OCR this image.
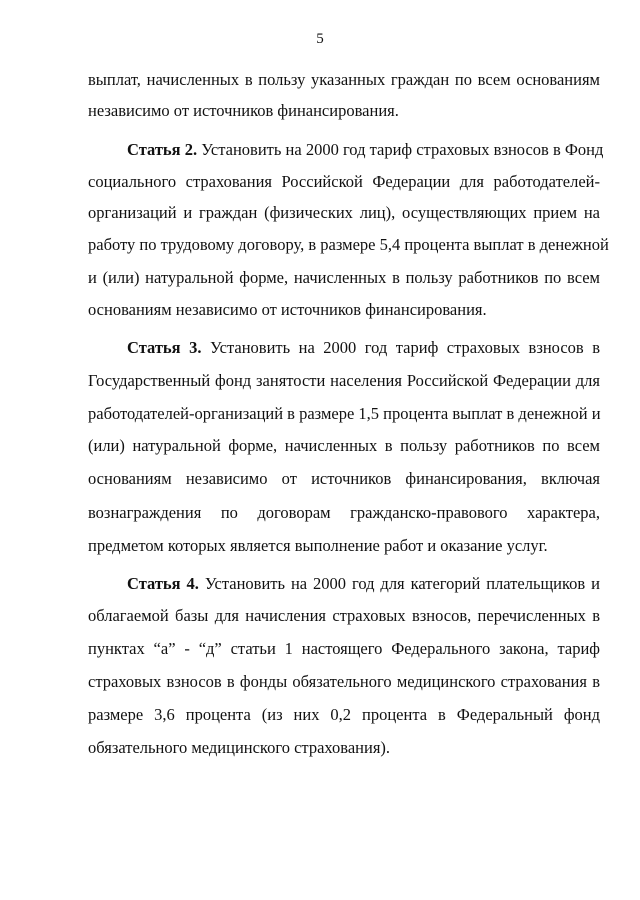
5
выплат, начисленных в пользу указанных граждан по всем основаниям
независимо от источников финансирования.
Статья 2. Установить на 2000 год тариф страховых взносов в Фонд
социального страхования Российской Федерации для работодателей-
организаций и граждан (физических лиц), осуществляющих прием на
работу по трудовому договору, в размере 5,4 процента выплат в денежной
и (или) натуральной форме, начисленных в пользу работников по всем
основаниям независимо от источников финансирования.
Статья 3. Установить на 2000 год тариф страховых взносов в
Государственный фонд занятости населения Российской Федерации для
работодателей-организаций в размере 1,5 процента выплат в денежной и
(или) натуральной форме, начисленных в пользу работников по всем
основаниям независимо от источников финансирования, включая
вознаграждения по договорам гражданско-правового характера,
предметом которых является выполнение работ и оказание услуг.
Статья 4. Установить на 2000 год для категорий плательщиков и
облагаемой базы для начисления страховых взносов, перечисленных в
пунктах “а” - “д” статьи 1 настоящего Федерального закона, тариф
страховых взносов в фонды обязательного медицинского страхования в
размере 3,6 процента (из них 0,2 процента в Федеральный фонд
обязательного медицинского страхования).
